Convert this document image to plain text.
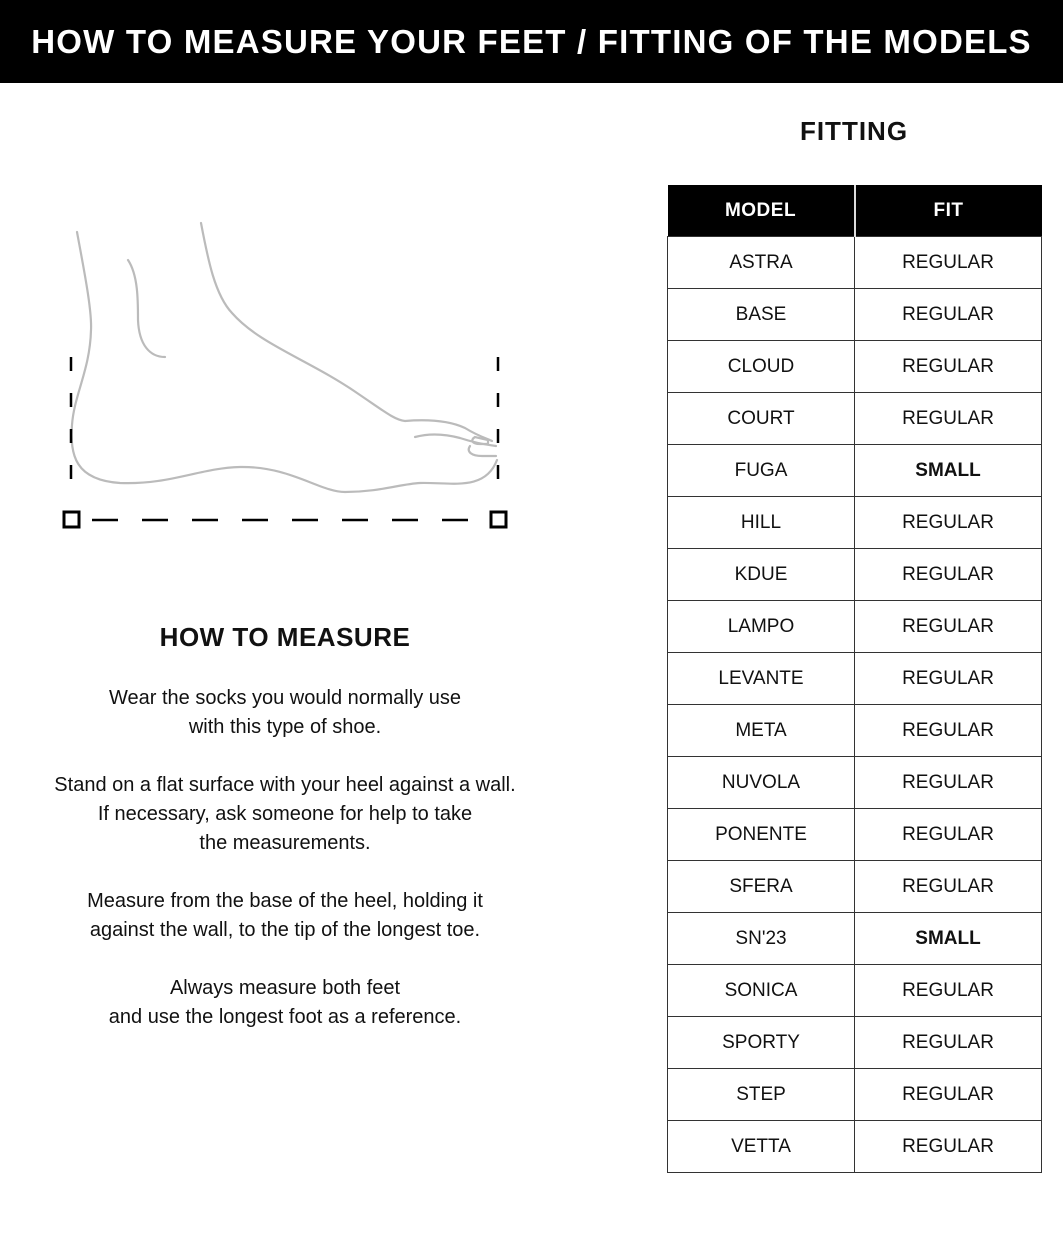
HOW TO MEASURE YOUR FEET / FITTING OF THE MODELS
FITTING
HOW TO MEASURE

Wear the socks you would normally use
with this type of shoe.

Stand on a flat surface with your heel against a wall.
If necessary, ask someone for help to take
the measurements.

Measure from the base of the heel, holding it
against the wall, to the tip of the longest toe.

Always measure both feet
and use the longest foot as a reference.

MODEL	FIT
ASTRA	REGULAR
BASE	REGULAR
CLOUD	REGULAR
COURT	REGULAR
FUGA	SMALL
HILL	REGULAR
KDUE	REGULAR
LAMPO	REGULAR
LEVANTE	REGULAR
META	REGULAR
NUVOLA	REGULAR
PONENTE	REGULAR
SFERA	REGULAR
SN'23	SMALL
SONICA	REGULAR
SPORTY	REGULAR
STEP	REGULAR
VETTA	REGULAR
